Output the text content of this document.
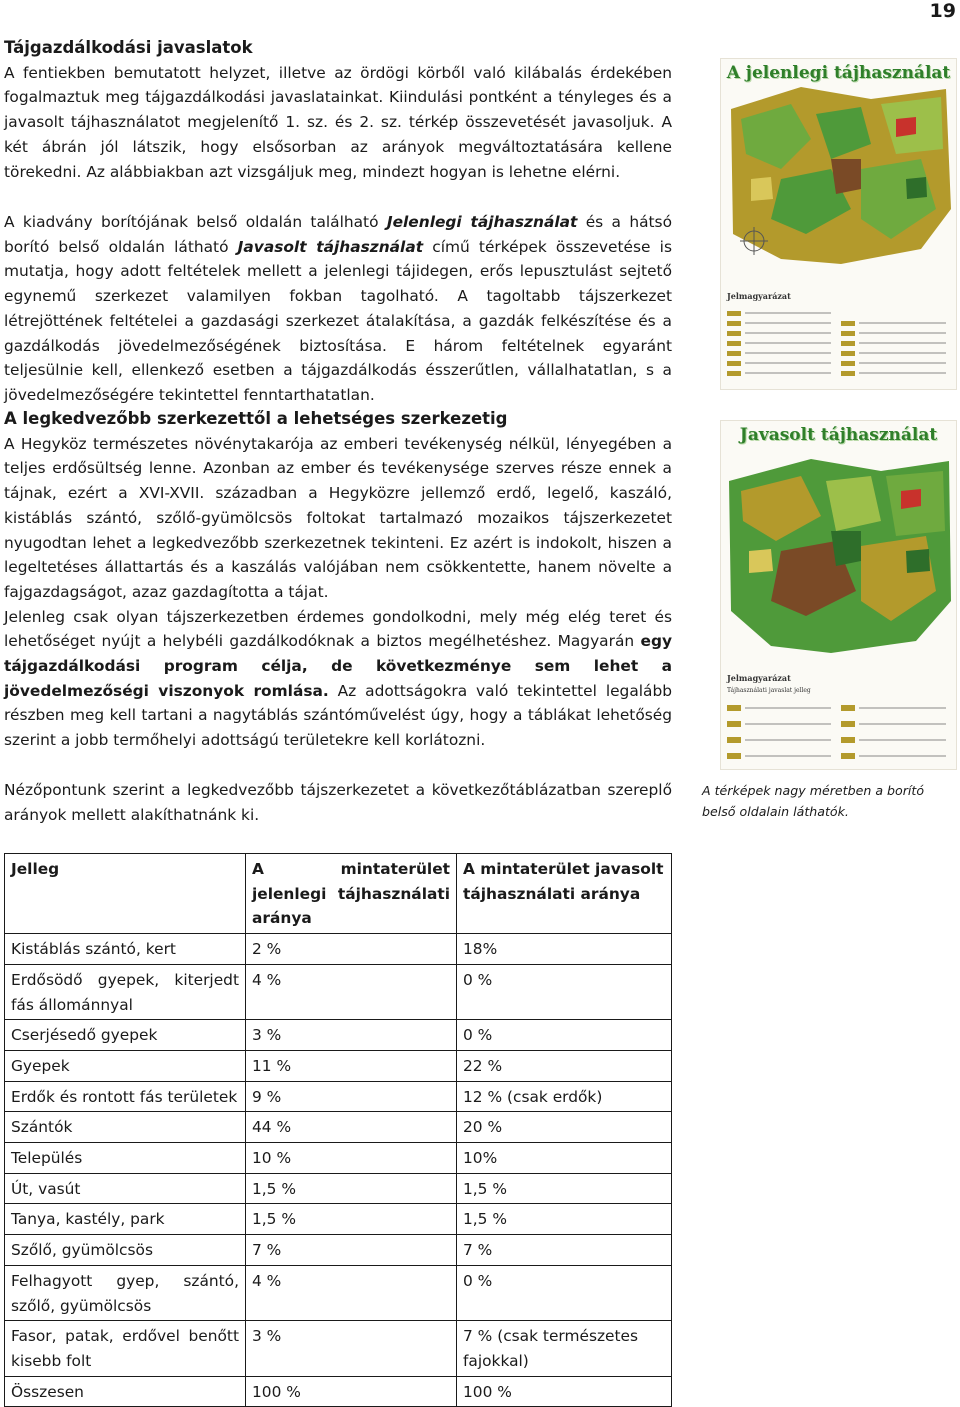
19

Tájgazdálkodási javaslatok

A fentiekben bemutatott helyzet, illetve az ördögi körből való kilábalás érdekében fogalmaztuk meg tájgazdálkodási javaslatainkat. Kiindulási pontként a tényleges és a javasolt tájhasználatot megjelenítő 1. sz. és 2. sz. térkép összevetését javasoljuk. A két ábrán jól látszik, hogy elsősorban az arányok megváltoztatására kellene törekedni. Az alábbiakban azt vizsgáljuk meg, mindezt hogyan is lehetne elérni.

A kiadvány borítójának belső oldalán található Jelenlegi tájhasználat és a hátsó borító belső oldalán látható Javasolt tájhasználat című térképek összevetése is mutatja, hogy adott feltételek mellett a jelenlegi tájidegen, erős lepusztulást sejtető egynemű szerkezet valamilyen fokban tagolható. A tagoltabb tájszerkezet létrejöttének feltételei a gazdasági szerkezet átalakítása, a gazdák felkészítése és a gazdálkodás jövedelmezőségének biztosítása. E három feltételnek egyaránt teljesülnie kell, ellenkező esetben a tájgazdálkodás ésszerűtlen, vállalhatatlan, s a jövedelmezőségére tekintettel fenntarthatatlan.

A legkedvezőbb szerkezettől a lehetséges szerkezetig

A Hegyköz természetes növénytakarója az emberi tevékenység nélkül, lényegében a teljes erdősültség lenne. Azonban az ember és tevékenysége szerves része ennek a tájnak, ezért a XVI-XVII. században a Hegyközre jellemző erdő, legelő, kaszáló, kistáblás szántó, szőlő-gyümölcsös foltokat tartalmazó mozaikos tájszerkezetet nyugodtan lehet a legkedvezőbb szerkezetnek tekinteni. Ez azért is indokolt, hiszen a legeltetéses állattartás és a kaszálás valójában nem csökkentette, hanem növelte a fajgazdagságot, azaz gazdagította a tájat.

Jelenleg csak olyan tájszerkezetben érdemes gondolkodni, mely még elég teret és lehetőséget nyújt a helybéli gazdálkodóknak a biztos megélhetéshez. Magyarán egy tájgazdálkodási program célja, de következménye sem lehet a jövedelmezőségi viszonyok romlása. Az adottságokra való tekintettel legalább részben meg kell tartani a nagytáblás szántóművelést úgy, hogy a táblákat lehetőség szerint a jobb termőhelyi adottságú területekre kell korlátozni.

Nézőpontunk szerint a legkedvezőbb tájszerkezetet a következőtáblázatban szereplő arányok mellett alakíthatnánk ki.

A jelenlegi tájhasználat
Jelmagyarázat
Javasolt tájhasználat
Jelmagyarázat
Tájhasználati javaslat jelleg
A térképek nagy méretben a borító belső oldalain láthatók.
Jelleg	A mintaterület jelenlegi tájhasználati aránya	A mintaterület javasolt tájhasználati aránya
Kistáblás szántó, kert	2 %	18%
Erdősödő gyepek, kiterjedt fás állománnyal	4 %	0 %
Cserjésedő gyepek	3 %	0 %
Gyepek	11 %	22 %
Erdők és rontott fás területek	9 %	12 % (csak erdők)
Szántók	44 %	20 %
Település	10 %	10%
Út, vasút	1,5 %	1,5 %
Tanya, kastély, park	1,5 %	1,5 %
Szőlő, gyümölcsös	7 %	7 %
Felhagyott gyep, szántó, szőlő, gyümölcsös	4 %	0 %
Fasor, patak, erdővel benőtt kisebb folt	3 %	7 % (csak természetes fajokkal)
Összesen	100 %	100 %
